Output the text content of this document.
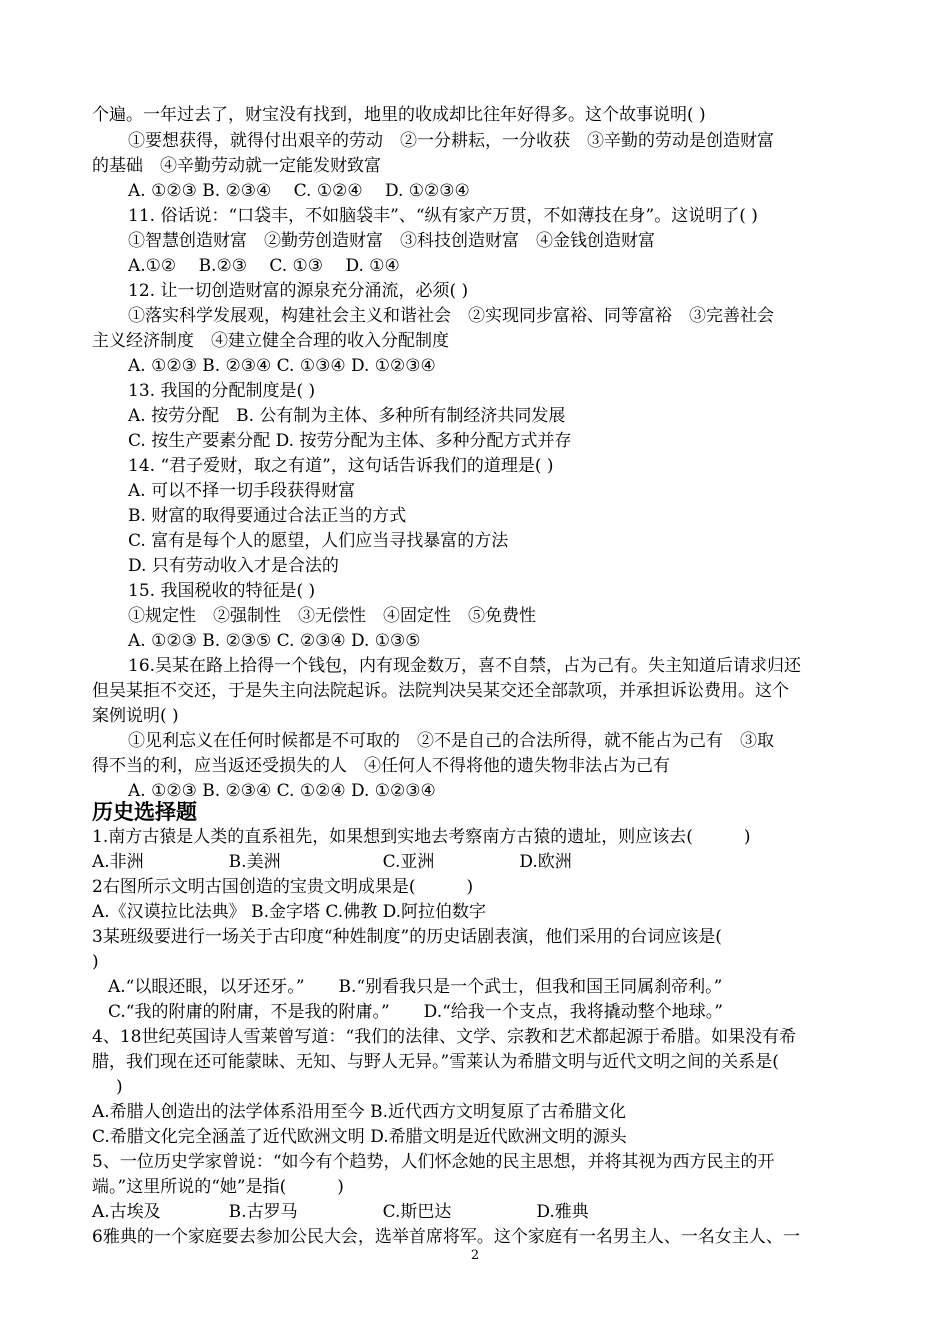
个遍。一年过去了，财宝没有找到，地里的收成却比往年好得多。这个故事说明( )
①要想获得，就得付出艰辛的劳动　②一分耕耘，一分收获　③辛勤的劳动是创造财富
的基础　④辛勤劳动就一定能发财致富
A. ①②③ B. ②③④　 C. ①②④　 D. ①②③④
11. 俗话说：“口袋丰，不如脑袋丰”、“纵有家产万贯，不如薄技在身”。这说明了( )
①智慧创造财富　②勤劳创造财富　③科技创造财富　④金钱创造财富
A.①②　 B.②③　 C. ①③　 D. ①④
12. 让一切创造财富的源泉充分涌流，必须( )
①落实科学发展观，构建社会主义和谐社会　②实现同步富裕、同等富裕　③完善社会
主义经济制度　④建立健全合理的收入分配制度
A. ①②③ B. ②③④ C. ①③④ D. ①②③④
13. 我国的分配制度是( )
A. 按劳分配　B. 公有制为主体、多种所有制经济共同发展
C. 按生产要素分配 D. 按劳分配为主体、多种分配方式并存
14. “君子爱财，取之有道”，这句话告诉我们的道理是( )
A. 可以不择一切手段获得财富
B. 财富的取得要通过合法正当的方式
C. 富有是每个人的愿望，人们应当寻找暴富的方法
D. 只有劳动收入才是合法的
15. 我国税收的特征是( )
①规定性　②强制性　③无偿性　④固定性　⑤免费性
A. ①②③ B. ②③⑤ C. ②③④ D. ①③⑤
16.吴某在路上拾得一个钱包，内有现金数万，喜不自禁，占为己有。失主知道后请求归还
但吴某拒不交还，于是失主向法院起诉。法院判决吴某交还全部款项，并承担诉讼费用。这个
案例说明( )
①见利忘义在任何时候都是不可取的　②不是自己的合法所得，就不能占为己有　③取
得不当的利，应当返还受损失的人　④任何人不得将他的遗失物非法占为己有
A. ①②③ B. ②③④ C. ①②④ D. ①②③④
历史选择题
1.南方古猿是人类的直系祖先，如果想到实地去考察南方古猿的遗址，则应该去(　　　)
A.非洲　　　　　B.美洲　　　　　　C.亚洲　　　　　D.欧洲
2右图所示文明古国创造的宝贵文明成果是(　　　)
A.《汉谟拉比法典》 B.金字塔 C.佛教 D.阿拉伯数字
3某班级要进行一场关于古印度“种姓制度”的历史话剧表演，他们采用的台词应该是(
)
A.“以眼还眼，以牙还牙。”　　B.“别看我只是一个武士，但我和国王同属刹帝利。”
C.“我的附庸的附庸，不是我的附庸。”　　D.“给我一个支点，我将撬动整个地球。”
4、18世纪英国诗人雪莱曾写道：“我们的法律、文学、宗教和艺术都起源于希腊。如果没有希
腊，我们现在还可能蒙昧、无知、与野人无异。”雪莱认为希腊文明与近代文明之间的关系是(
)
A.希腊人创造出的法学体系沿用至今 B.近代西方文明复原了古希腊文化
C.希腊文化完全涵盖了近代欧洲文明 D.希腊文明是近代欧洲文明的源头
5、一位历史学家曾说：“如今有个趋势，人们怀念她的民主思想，并将其视为西方民主的开
端。”这里所说的“她”是指(　　　)
A.古埃及　　　　B.古罗马　　　　　C.斯巴达　　　　　D.雅典
6雅典的一个家庭要去参加公民大会，选举首席将军。这个家庭有一名男主人、一名女主人、一
2
